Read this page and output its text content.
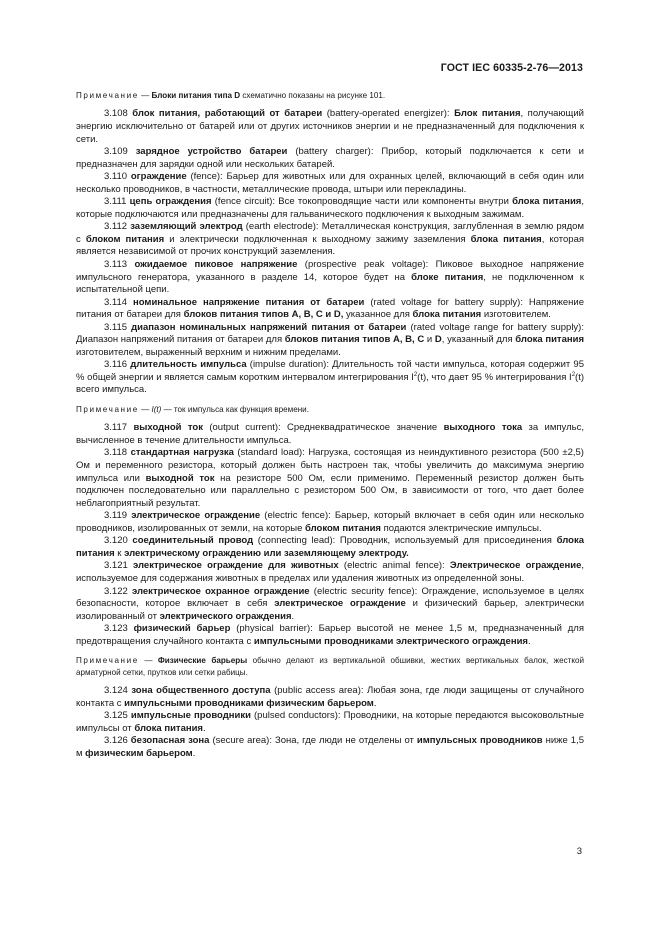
ГОСТ IEC 60335-2-76—2013

Примечание — Блоки питания типа D схематично показаны на рисунке 101.

3.108 блок питания, работающий от батареи (battery-operated energizer): Блок питания, получающий энергию исключительно от батарей или от других источников энергии и не предназначенный для подключения к сети.

3.109 зарядное устройство батареи (battery charger): Прибор, который подключается к сети и предназначен для зарядки одной или нескольких батарей.

3.110 ограждение (fence): Барьер для животных или для охранных целей, включающий в себя один или несколько проводников, в частности, металлические провода, штыри или перекладины.

3.111 цепь ограждения (fence circuit): Все токопроводящие части или компоненты внутри блока питания, которые подключаются или предназначены для гальванического подключения к выходным зажимам.

3.112 заземляющий электрод (earth electrode): Металлическая конструкция, заглубленная в землю рядом с блоком питания и электрически подключенная к выходному зажиму заземления блока питания, которая является независимой от прочих конструкций заземления.

3.113 ожидаемое пиковое напряжение (prospective peak voltage): Пиковое выходное напряжение импульсного генератора, указанного в разделе 14, которое будет на блоке питания, не подключенном к испытательной цепи.

3.114 номинальное напряжение питания от батареи (rated voltage for battery supply): Напряжение питания от батареи для блоков питания типов А, В, С и D, указанное для блока питания изготовителем.

3.115 диапазон номинальных напряжений питания от батареи (rated voltage range for battery supply): Диапазон напряжений питания от батареи для блоков питания типов А, В, С и D, указанный для блока питания изготовителем, выраженный верхним и нижним пределами.

3.116 длительность импульса (impulse duration): Длительность той части импульса, которая содержит 95 % общей энергии и является самым коротким интервалом интегрирования $I^2(t)$, что дает 95 % интегрирования $I^2(t)$ всего импульса.

Примечание — I(t) — ток импульса как функция времени.

3.117 выходной ток (output current): Среднеквадратическое значение выходного тока за импульс, вычисленное в течение длительности импульса.

3.118 стандартная нагрузка (standard load): Нагрузка, состоящая из неиндуктивного резистора (500 ±2,5) Ом и переменного резистора, который должен быть настроен так, чтобы увеличить до максимума энергию импульса или выходной ток на резисторе 500 Ом, если применимо. Переменный резистор должен быть подключен последовательно или параллельно с резистором 500 Ом, в зависимости от того, что дает более неблагоприятный результат.

3.119 электрическое ограждение (electric fence): Барьер, который включает в себя один или несколько проводников, изолированных от земли, на которые блоком питания подаются электрические импульсы.

3.120 соединительный провод (connecting lead): Проводник, используемый для присоединения блока питания к электрическому ограждению или заземляющему электроду.

3.121 электрическое ограждение для животных (electric animal fence): Электрическое ограждение, используемое для содержания животных в пределах или удаления животных из определенной зоны.

3.122 электрическое охранное ограждение (electric security fence): Ограждение, используемое в целях безопасности, которое включает в себя электрическое ограждение и физический барьер, электрически изолированный от электрического ограждения.

3.123 физический барьер (physical barrier): Барьер высотой не менее 1,5 м, предназначенный для предотвращения случайного контакта с импульсными проводниками электрического ограждения.

Примечание — Физические барьеры обычно делают из вертикальной обшивки, жестких вертикальных балок, жесткой арматурной сетки, прутков или сетки рабицы.

3.124 зона общественного доступа (public access area): Любая зона, где люди защищены от случайного контакта с импульсными проводниками физическим барьером.

3.125 импульсные проводники (pulsed conductors): Проводники, на которые передаются высоковольтные импульсы от блока питания.

3.126 безопасная зона (secure area): Зона, где люди не отделены от импульсных проводников ниже 1,5 м физическим барьером.

3
